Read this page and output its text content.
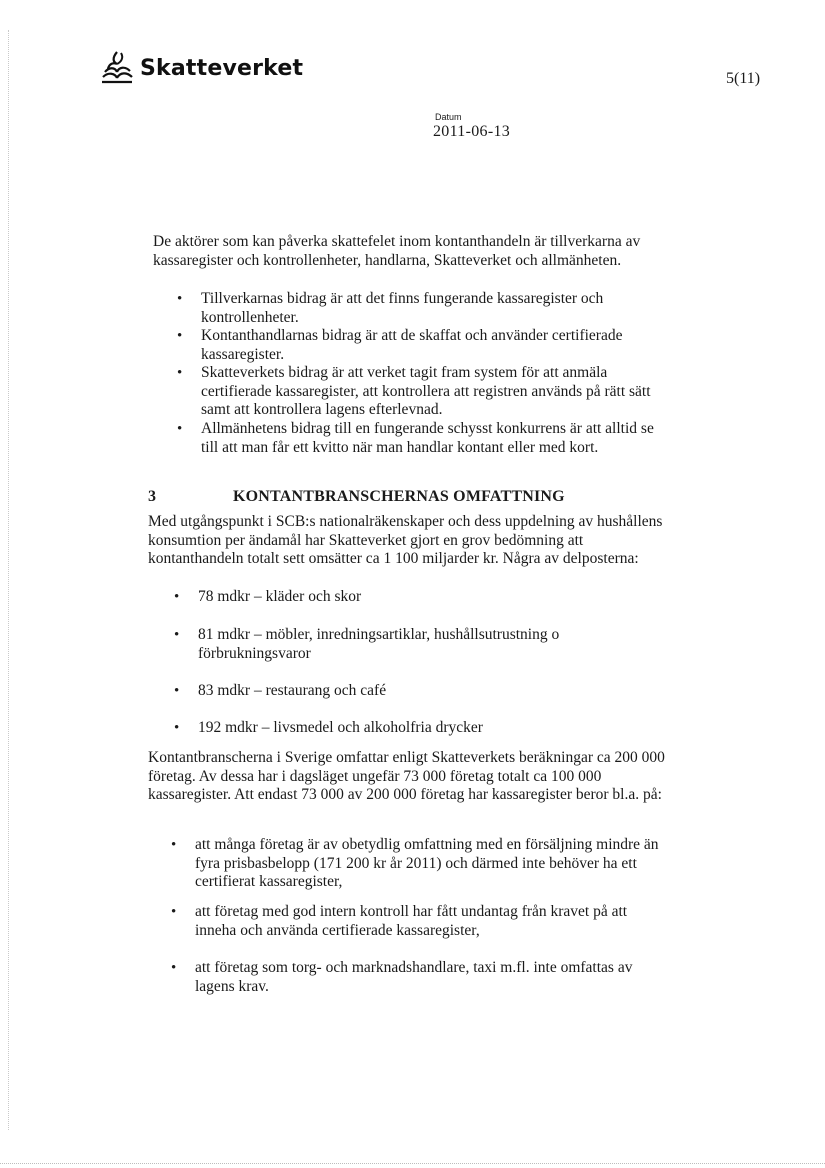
Skatteverket	5(11)
Datum
2011-06-13

De aktörer som kan påverka skattefelet inom kontanthandeln är tillverkarna av kassaregister och kontrollenheter, handlarna, Skatteverket och allmänheten.

• Tillverkarnas bidrag är att det finns fungerande kassaregister och kontrollenheter.
• Kontanthandlarnas bidrag är att de skaffat och använder certifierade kassaregister.
• Skatteverkets bidrag är att verket tagit fram system för att anmäla certifierade kassaregister, att kontrollera att registren används på rätt sätt samt att kontrollera lagens efterlevnad.
• Allmänhetens bidrag till en fungerande schysst konkurrens är att alltid se till att man får ett kvitto när man handlar kontant eller med kort.
3	KONTANTBRANSCHERNAS OMFATTNING

Med utgångspunkt i SCB:s nationalräkenskaper och dess uppdelning av hushållens konsumtion per ändamål har Skatteverket gjort en grov bedömning att kontanthandeln totalt sett omsätter ca 1 100 miljarder kr. Några av delposterna:

• 78 mdkr – kläder och skor
• 81 mdkr – möbler, inredningsartiklar, hushållsutrustning o förbrukningsvaror
• 83 mdkr – restaurang och café
• 192 mdkr – livsmedel och alkoholfria drycker

Kontantbranscherna i Sverige omfattar enligt Skatteverkets beräkningar ca 200 000 företag. Av dessa har i dagsläget ungefär 73 000 företag totalt ca 100 000 kassaregister. Att endast 73 000 av 200 000 företag har kassaregister beror bl.a. på:

• att många företag är av obetydlig omfattning med en försäljning mindre än fyra prisbasbelopp (171 200 kr år 2011) och därmed inte behöver ha ett certifierat kassaregister,
• att företag med god intern kontroll har fått undantag från kravet på att inneha och använda certifierade kassaregister,
• att företag som torg- och marknadshandlare, taxi m.fl. inte omfattas av lagens krav.
